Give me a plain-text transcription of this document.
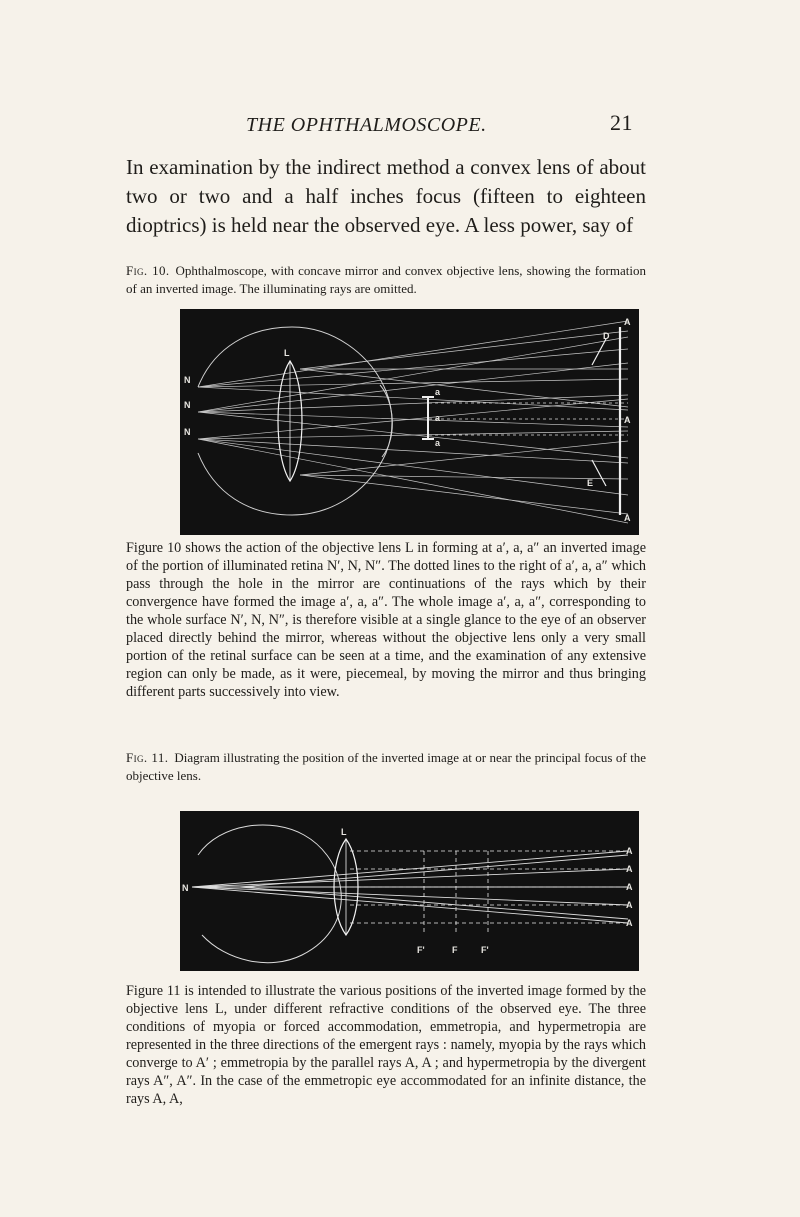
THE OPHTHALMOSCOPE.	21

In examination by the indirect method a convex lens of about two or two and a half inches focus (fifteen to eighteen dioptrics) is held near the observed eye. A less power, say of

Fig. 10. Ophthalmoscope, with concave mirror and convex objective lens, showing the formation of an inverted image. The illuminating rays are omitted.

N
N
N
L
a
a
a
D
A
A
A
E

Figure 10 shows the action of the objective lens L in forming at a′, a, a″ an inverted image of the portion of illuminated retina N′, N, N″. The dotted lines to the right of a′, a, a″ which pass through the hole in the mirror are continuations of the rays which by their convergence have formed the image a′, a, a″. The whole image a′, a, a″, corresponding to the whole surface N′, N, N″, is therefore visible at a single glance to the eye of an observer placed directly behind the mirror, whereas without the objective lens only a very small portion of the retinal surface can be seen at a time, and the examination of any extensive region can only be made, as it were, piecemeal, by moving the mirror and thus bringing different parts successively into view.

Fig. 11. Diagram illustrating the position of the inverted image at or near the principal focus of the objective lens.

N
L
A
A
A
A
A
F'	F	F'

Figure 11 is intended to illustrate the various positions of the inverted image formed by the objective lens L, under different refractive conditions of the observed eye. The three conditions of myopia or forced accommodation, emmetropia, and hypermetropia are represented in the three directions of the emergent rays : namely, myopia by the rays which converge to A′ ; emmetropia by the parallel rays A, A ; and hypermetropia by the divergent rays A″, A″. In the case of the emmetropic eye accommodated for an infinite distance, the rays A, A,
